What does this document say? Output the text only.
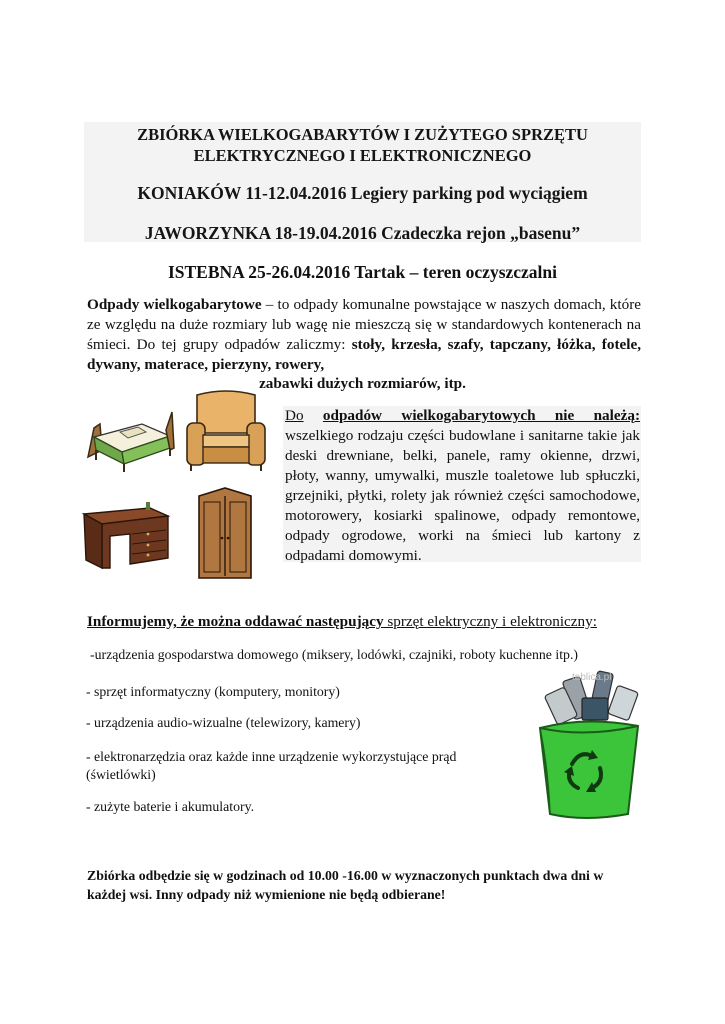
ZBIÓRKA WIELKOGABARYTÓW I ZUŻYTEGO SPRZĘTU
ELEKTRYCZNEGO I ELEKTRONICZNEGO
KONIAKÓW 11-12.04.2016 Legiery parking pod wyciągiem
JAWORZYNKA 18-19.04.2016 Czadeczka rejon „basenu”
ISTEBNA 25-26.04.2016 Tartak – teren oczyszczalni
Odpady wielkogabarytowe – to odpady komunalne powstające w naszych domach, które ze względu na duże rozmiary lub wagę nie mieszczą się w standardowych kontenerach na śmieci. Do tej grupy odpadów zaliczmy: stoły, krzesła, szafy, tapczany, łóżka, fotele, dywany, materace, pierzyny, rowery,
zabawki dużych rozmiarów, itp.
Do odpadów wielkogabarytowych nie należą: wszelkiego rodzaju części budowlane i sanitarne takie jak deski drewniane, belki, panele, ramy okienne, drzwi, płoty, wanny, umywalki, muszle toaletowe lub spłuczki, grzejniki, płytki, rolety jak również części samochodowe, motorowery, kosiarki spalinowe, odpady remontowe, odpady ogrodowe, worki na śmieci lub kartony z odpadami domowymi.
Informujemy, że można oddawać następujący sprzęt elektryczny i elektroniczny:
-urządzenia gospodarstwa domowego (miksery, lodówki, czajniki, roboty kuchenne itp.)
- sprzęt informatyczny (komputery, monitory)
- urządzenia audio-wizualne (telewizory, kamery)
- elektronarzędzia oraz każde inne urządzenie wykorzystujące prąd
(świetlówki)
- zużyte baterie i akumulatory.
tablica.pl
Zbiórka odbędzie się w godzinach od 10.00 -16.00 w wyznaczonych punktach dwa dni w
każdej wsi. Inny odpady niż wymienione nie będą odbierane!
